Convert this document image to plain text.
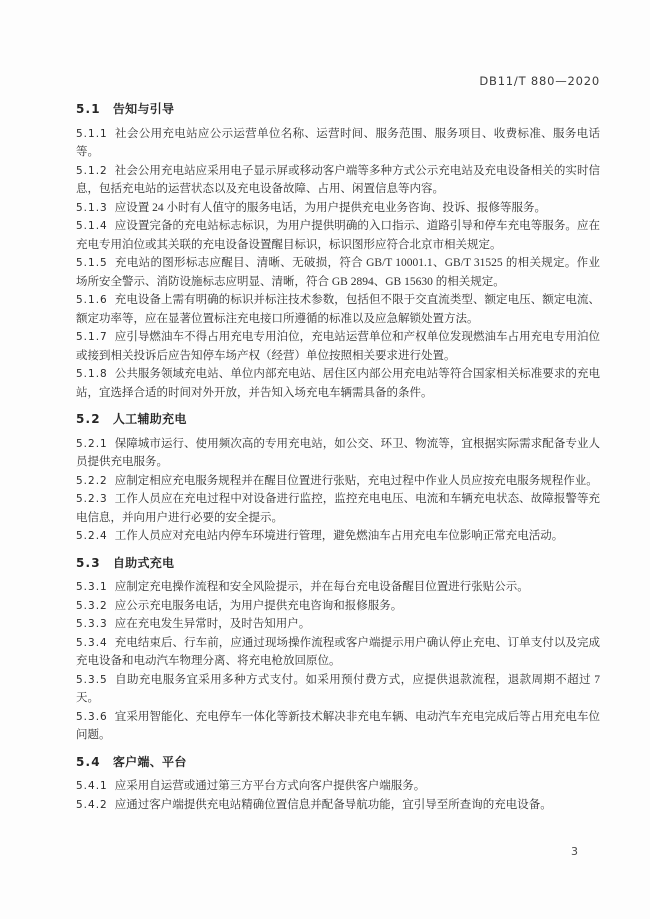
DB11/T 880—2020
5.1 告知与引导

5.1.1 社会公用充电站应公示运营单位名称、运营时间、服务范围、服务项目、收费标准、服务电话等。

5.1.2 社会公用充电站应采用电子显示屏或移动客户端等多种方式公示充电站及充电设备相关的实时信息，包括充电站的运营状态以及充电设备故障、占用、闲置信息等内容。

5.1.3 应设置 24 小时有人值守的服务电话，为用户提供充电业务咨询、投诉、报修等服务。

5.1.4 应设置完备的充电站标志标识，为用户提供明确的入口指示、道路引导和停车充电等服务。应在充电专用泊位或其关联的充电设备设置醒目标识，标识图形应符合北京市相关规定。

5.1.5 充电站的图形标志应醒目、清晰、无破损，符合 GB/T 10001.1、GB/T 31525 的相关规定。作业场所安全警示、消防设施标志应明显、清晰，符合 GB 2894、GB 15630 的相关规定。

5.1.6 充电设备上需有明确的标识并标注技术参数，包括但不限于交直流类型、额定电压、额定电流、额定功率等，应在显著位置标注充电接口所遵循的标准以及应急解锁处置方法。

5.1.7 应引导燃油车不得占用充电专用泊位，充电站运营单位和产权单位发现燃油车占用充电专用泊位或接到相关投诉后应告知停车场产权（经营）单位按照相关要求进行处置。

5.1.8 公共服务领域充电站、单位内部充电站、居住区内部公用充电站等符合国家相关标准要求的充电站，宜选择合适的时间对外开放，并告知入场充电车辆需具备的条件。

5.2 人工辅助充电

5.2.1 保障城市运行、使用频次高的专用充电站，如公交、环卫、物流等，宜根据实际需求配备专业人员提供充电服务。

5.2.2 应制定相应充电服务规程并在醒目位置进行张贴，充电过程中作业人员应按充电服务规程作业。

5.2.3 工作人员应在充电过程中对设备进行监控，监控充电电压、电流和车辆充电状态、故障报警等充电信息，并向用户进行必要的安全提示。

5.2.4 工作人员应对充电站内停车环境进行管理，避免燃油车占用充电车位影响正常充电活动。

5.3 自助式充电

5.3.1 应制定充电操作流程和安全风险提示，并在每台充电设备醒目位置进行张贴公示。

5.3.2 应公示充电服务电话，为用户提供充电咨询和报修服务。

5.3.3 应在充电发生异常时，及时告知用户。

5.3.4 充电结束后、行车前，应通过现场操作流程或客户端提示用户确认停止充电、订单支付以及完成充电设备和电动汽车物理分离、将充电枪放回原位。

5.3.5 自助充电服务宜采用多种方式支付。如采用预付费方式，应提供退款流程，退款周期不超过 7 天。

5.3.6 宜采用智能化、充电停车一体化等新技术解决非充电车辆、电动汽车充电完成后等占用充电车位问题。

5.4 客户端、平台

5.4.1 应采用自运营或通过第三方平台方式向客户提供客户端服务。

5.4.2 应通过客户端提供充电站精确位置信息并配备导航功能，宜引导至所查询的充电设备。

3
